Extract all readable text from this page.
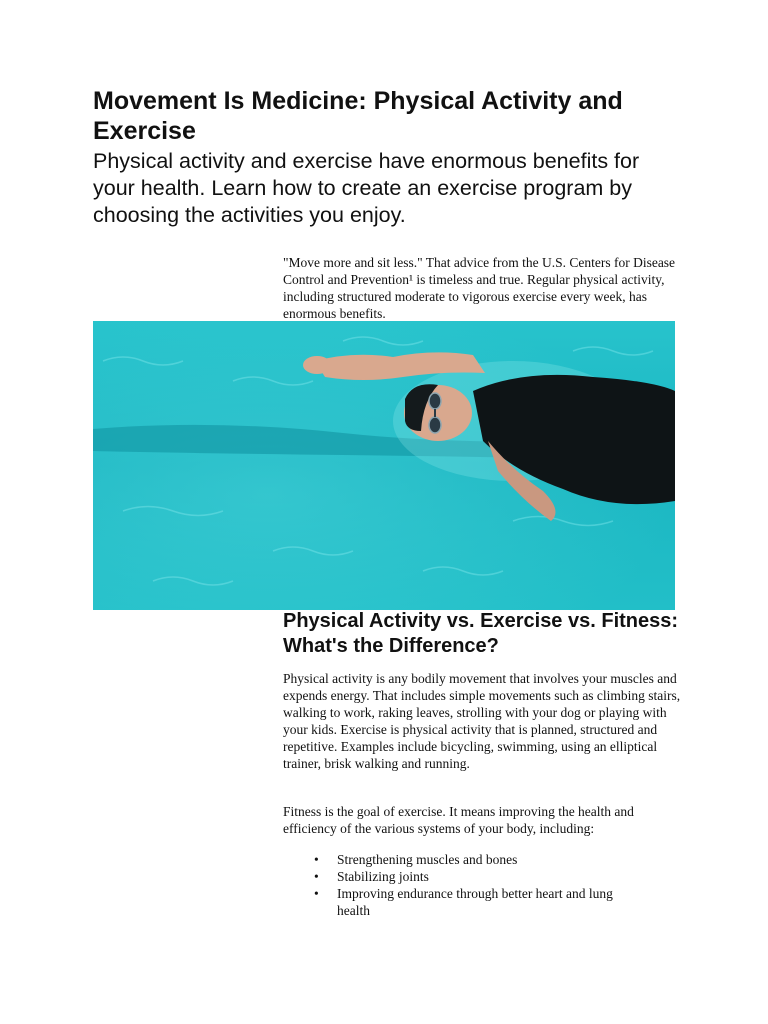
Movement Is Medicine: Physical Activity and Exercise

Physical activity and exercise have enormous benefits for your health. Learn how to create an exercise program by choosing the activities you enjoy.

"Move more and sit less." That advice from the U.S. Centers for Disease Control and Prevention¹ is timeless and true. Regular physical activity, including structured moderate to vigorous exercise every week, has enormous benefits.

Physical Activity vs. Exercise vs. Fitness: What's the Difference?

Physical activity is any bodily movement that involves your muscles and expends energy. That includes simple movements such as climbing stairs, walking to work, raking leaves, strolling with your dog or playing with your kids. Exercise is physical activity that is planned, structured and repetitive. Examples include bicycling, swimming, using an elliptical trainer, brisk walking and running.

Fitness is the goal of exercise. It means improving the health and efficiency of the various systems of your body, including:

• Strengthening muscles and bones
• Stabilizing joints
• Improving endurance through better heart and lung health
